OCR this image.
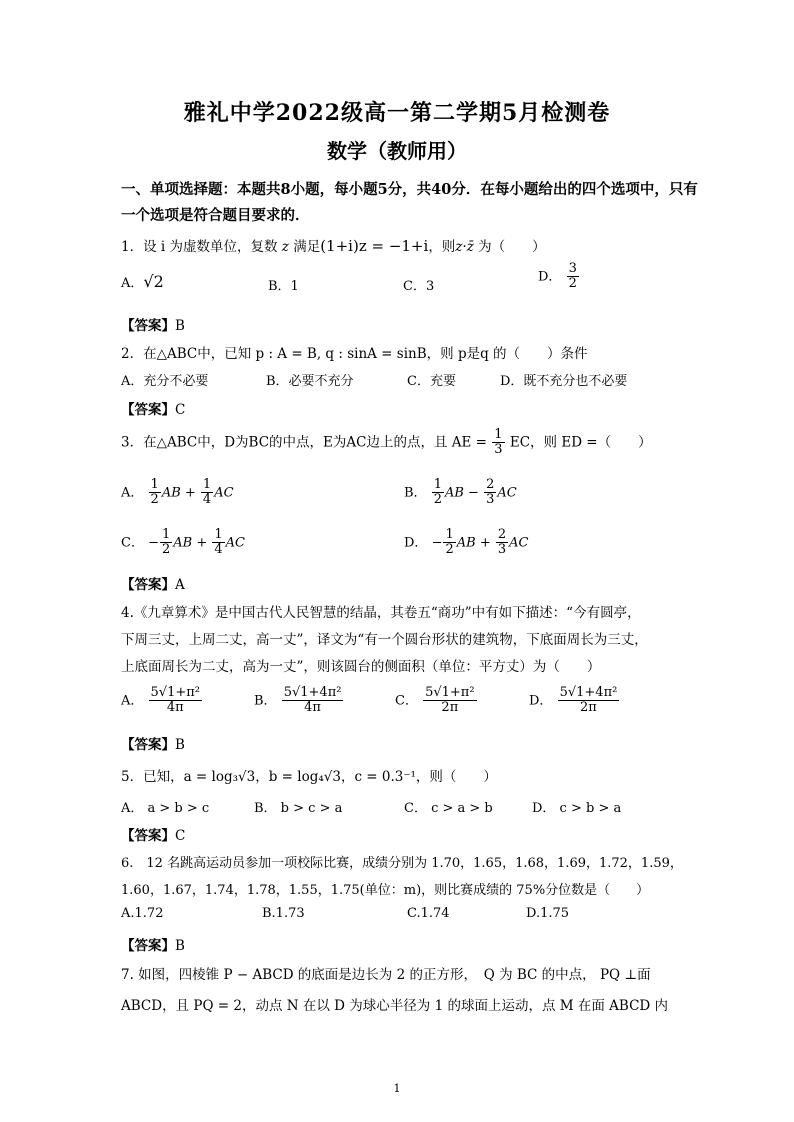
雅礼中学2022级高一第二学期5月检测卷
数学（教师用）
一、单项选择题：本题共8小题，每小题5分，共40分．在每小题给出的四个选项中，只有
一个选项是符合题目要求的．
1．设 i 为虚数单位，复数 z 满足(1+i)z = −1+i，则z·z̄ 为（　　）
A．√2	B．1	C．3
D． $\frac{3}{2}$
【答案】B
2．在△ABC中，已知 p : A = B, q : sinA = sinB，则 p是q 的（　　）条件
A．充分不必要	B．必要不充分	C．充要	D．既不充分也不必要
【答案】C
3．在△ABC中，D为BC的中点，E为AC边上的点，且 AE = $\frac{1}{3}$ EC，则 ED =（　　）
A． $\frac{1}{2}$ AB + $\frac{1}{4}$ AC	B． $\frac{1}{2}$ AB − $\frac{2}{3}$ AC
C． − $\frac{1}{2}$ AB + $\frac{1}{4}$ AC	D． − $\frac{1}{2}$ AB + $\frac{2}{3}$ AC
【答案】A
4.《九章算术》是中国古代人民智慧的结晶，其卷五“商功”中有如下描述：“今有圆亭，
下周三丈，上周二丈，高一丈”，译文为“有一个圆台形状的建筑物，下底面周长为三丈，
上底面周长为二丈，高为一丈”，则该圆台的侧面积（单位：平方丈）为（　　）
A． $\frac{\text{5√1+π²}}{4\pi}$	B． $\frac{\text{5√1+4π²}}{4\pi}$	C． $\frac{\text{5√1+π²}}{2\pi}$	D． $\frac{\text{5√1+4π²}}{2\pi}$
【答案】B
5．已知，a = log₃√3，b = log₄√3，c = 0.3⁻¹，则（　　）
A． a > b > c	B． b > c > a	C． c > a > b	D． c > b > a
【答案】C
6.　12 名跳高运动员参加一项校际比赛，成绩分别为 1.70，1.65，1.68，1.69，1.72，1.59，
1.60，1.67，1.74，1.78，1.55，1.75(单位：m)，则比赛成绩的 75%分位数是（　　）
A.1.72	B.1.73	C.1.74	D.1.75
【答案】B
7. 如图，四棱锥 P − ABCD 的底面是边长为 2 的正方形，　Q 为 BC 的中点， PQ ⊥面
ABCD，且 PQ = 2，动点 N 在以 D 为球心半径为 1 的球面上运动，点 M 在面 ABCD 内
1
